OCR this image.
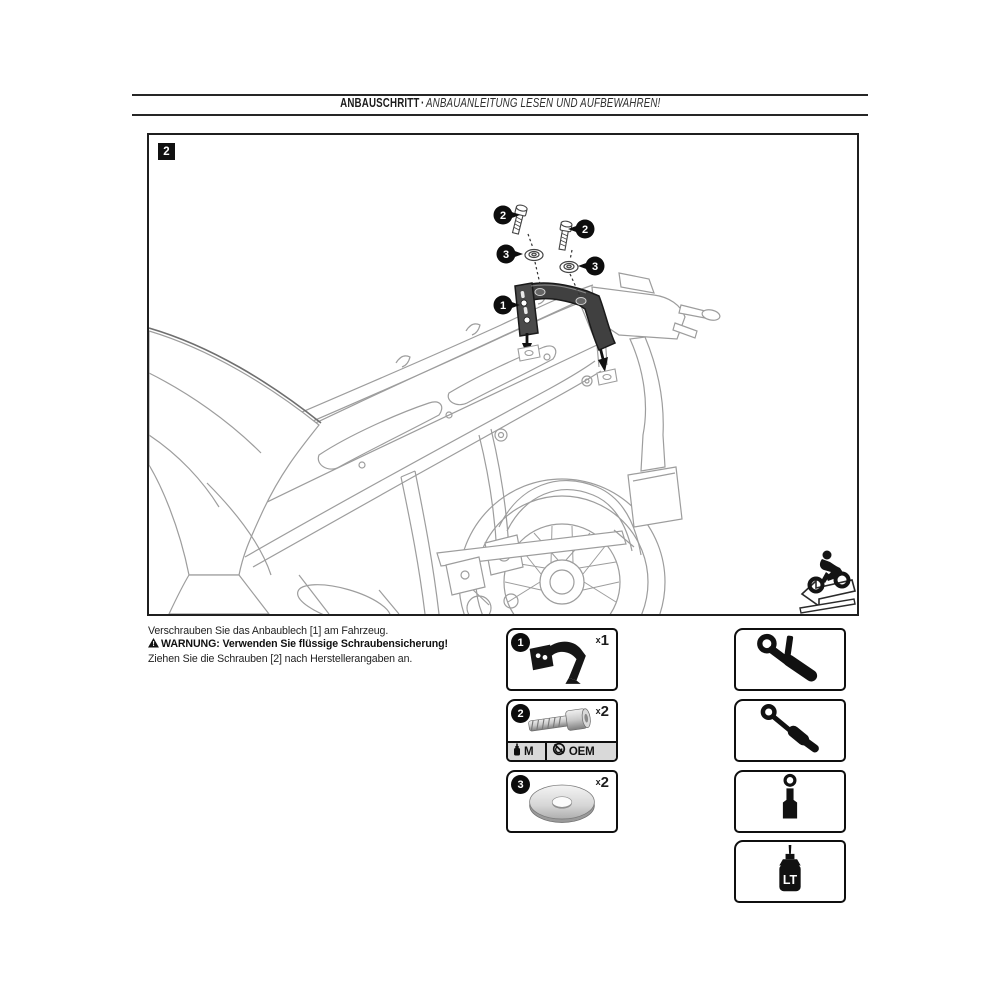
ANBAUSCHRITT · ANBAUANLEITUNG LESEN UND AUFBEWAHREN!
2
2
2
3
3
1
Verschrauben Sie das Anbaublech [1] am Fahrzeug.
! WARNUNG: Verwenden Sie flüssige Schraubensicherung!
Ziehen Sie die Schrauben [2] nach Herstellerangaben an.
1	x1
2	x2
M	OEM
3	x2
LT
